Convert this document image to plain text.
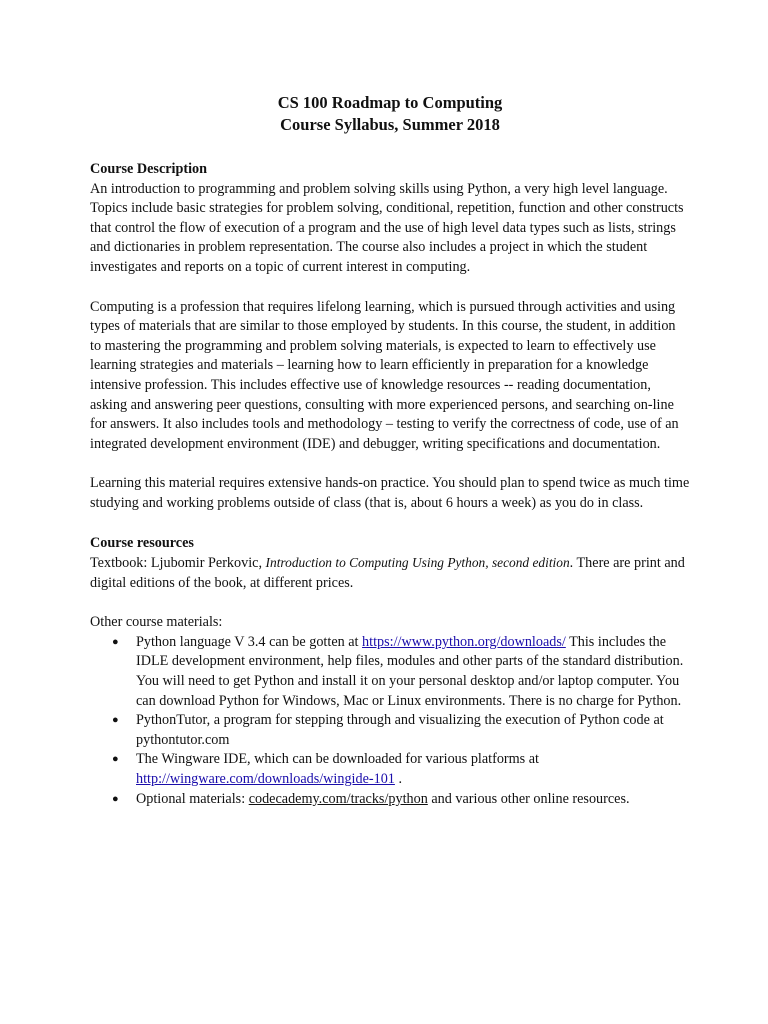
CS 100 Roadmap to Computing
Course Syllabus, Summer 2018
Course Description

An introduction to programming and problem solving skills using Python, a very high level language. Topics include basic strategies for problem solving, conditional, repetition, function and other constructs that control the flow of execution of a program and the use of high level data types such as lists, strings and dictionaries in problem representation. The course also includes a project in which the student investigates and reports on a topic of current interest in computing.

Computing is a profession that requires lifelong learning, which is pursued through activities and using types of materials that are similar to those employed by students. In this course, the student, in addition to mastering the programming and problem solving materials, is expected to learn to effectively use learning strategies and materials – learning how to learn efficiently in preparation for a knowledge intensive profession. This includes effective use of knowledge resources -- reading documentation, asking and answering peer questions, consulting with more experienced persons, and searching on-line for answers. It also includes tools and methodology – testing to verify the correctness of code, use of an integrated development environment (IDE) and debugger, writing specifications and documentation.

Learning this material requires extensive hands-on practice. You should plan to spend twice as much time studying and working problems outside of class (that is, about 6 hours a week) as you do in class.

Course resources

Textbook: Ljubomir Perkovic, Introduction to Computing Using Python, second edition. There are print and digital editions of the book, at different prices.

Other course materials:

● Python language V 3.4 can be gotten at https://www.python.org/downloads/ This includes the IDLE development environment, help files, modules and other parts of the standard distribution. You will need to get Python and install it on your personal desktop and/or laptop computer. You can download Python for Windows, Mac or Linux environments. There is no charge for Python.
● PythonTutor, a program for stepping through and visualizing the execution of Python code at pythontutor.com
● The Wingware IDE, which can be downloaded for various platforms at http://wingware.com/downloads/wingide-101 .
● Optional materials: codecademy.com/tracks/python and various other online resources.
